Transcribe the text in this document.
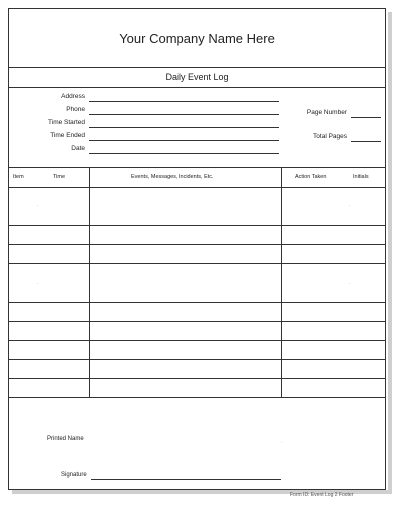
Your Company Name Here
Daily Event Log
Address
Phone
Time Started
Time Ended
Date
Page Number
Total Pages
Item	Time	Events, Messages, Incidents, Etc.	Action Taken	Initials
·	·
·	·
Printed Name
Signature
·
Form ID: Event Log 2 Footer
